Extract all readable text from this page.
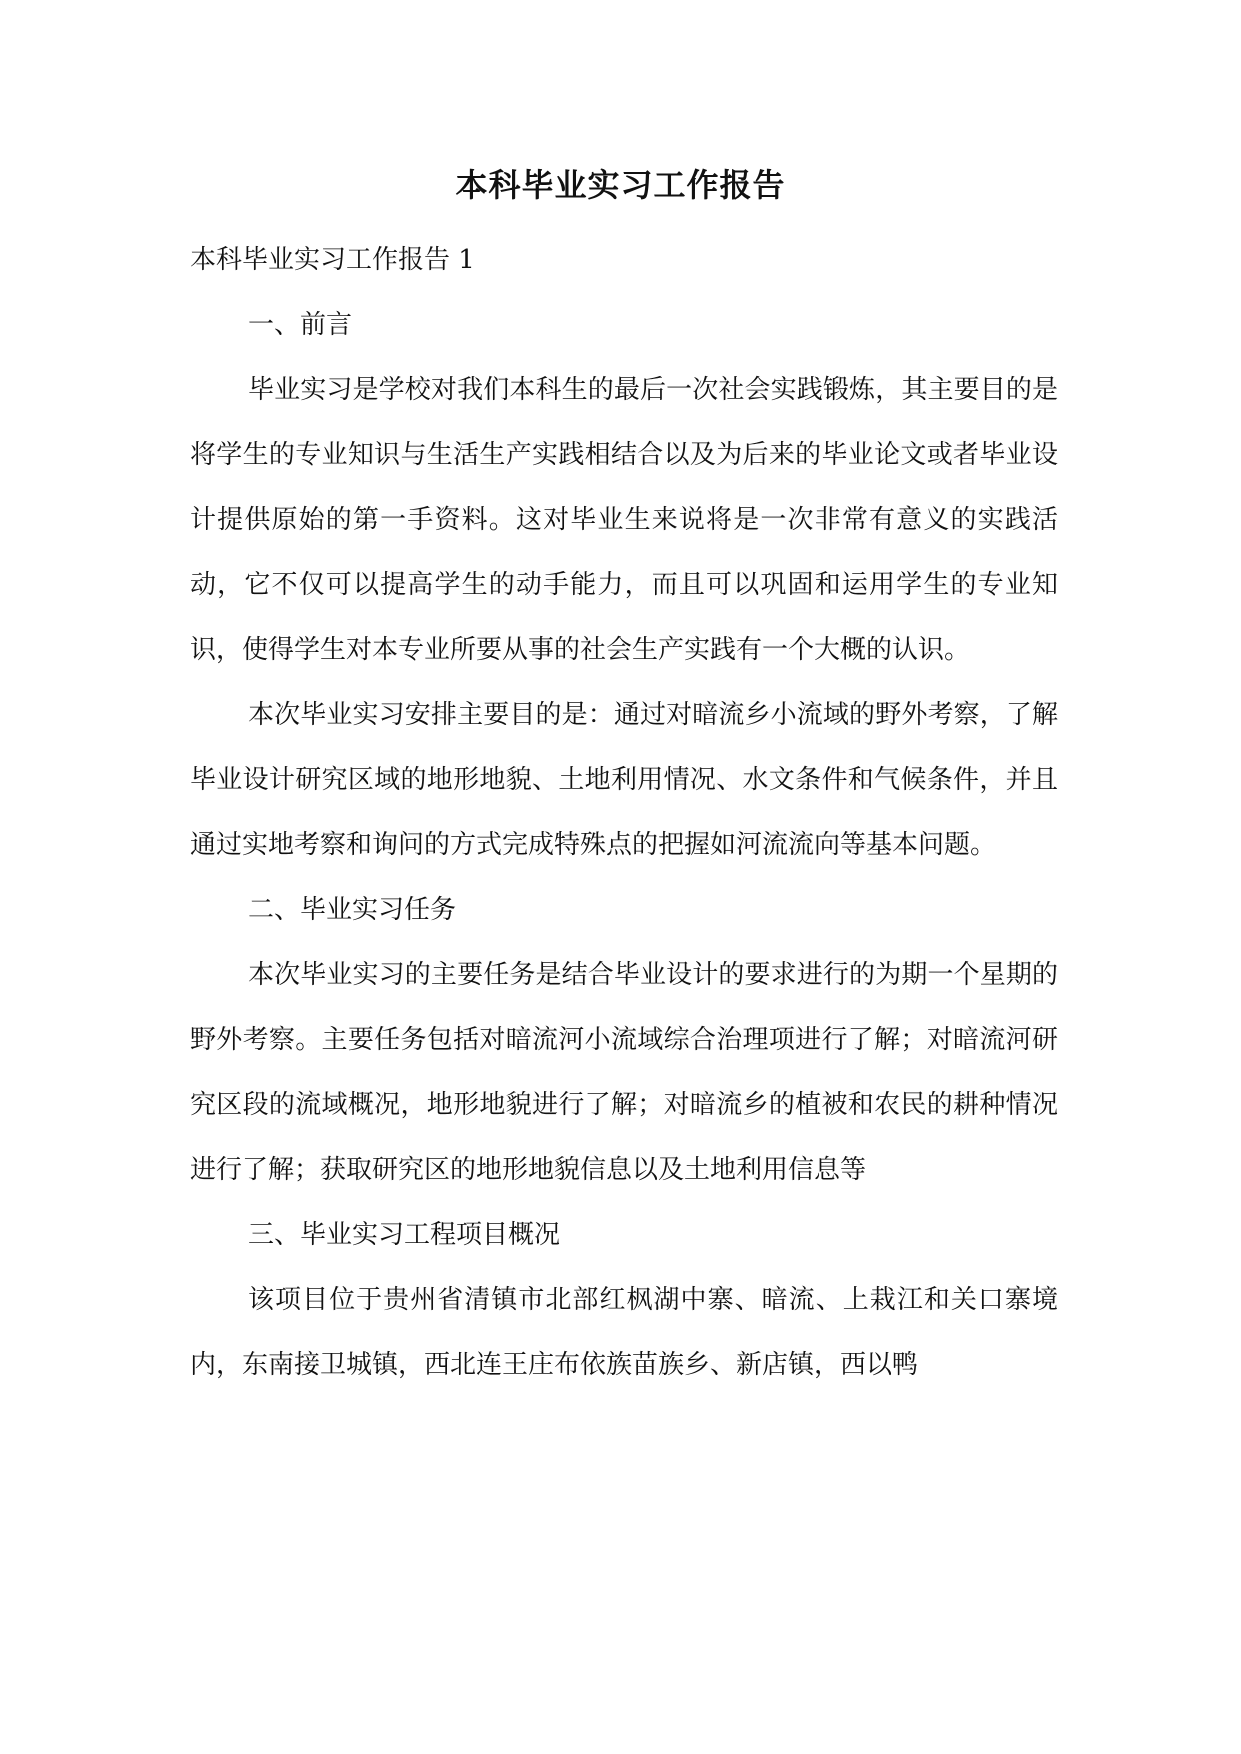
本科毕业实习工作报告

本科毕业实习工作报告 1

一、前言

毕业实习是学校对我们本科生的最后一次社会实践锻炼，其主要目的是将学生的专业知识与生活生产实践相结合以及为后来的毕业论文或者毕业设计提供原始的第一手资料。这对毕业生来说将是一次非常有意义的实践活动，它不仅可以提高学生的动手能力，而且可以巩固和运用学生的专业知识，使得学生对本专业所要从事的社会生产实践有一个大概的认识。

本次毕业实习安排主要目的是：通过对暗流乡小流域的野外考察，了解毕业设计研究区域的地形地貌、土地利用情况、水文条件和气候条件，并且通过实地考察和询问的方式完成特殊点的把握如河流流向等基本问题。

二、毕业实习任务

本次毕业实习的主要任务是结合毕业设计的要求进行的为期一个星期的野外考察。主要任务包括对暗流河小流域综合治理项进行了解；对暗流河研究区段的流域概况，地形地貌进行了解；对暗流乡的植被和农民的耕种情况进行了解；获取研究区的地形地貌信息以及土地利用信息等

三、毕业实习工程项目概况

该项目位于贵州省清镇市北部红枫湖中寨、暗流、上栽江和关口寨境内，东南接卫城镇，西北连王庄布依族苗族乡、新店镇，西以鸭
